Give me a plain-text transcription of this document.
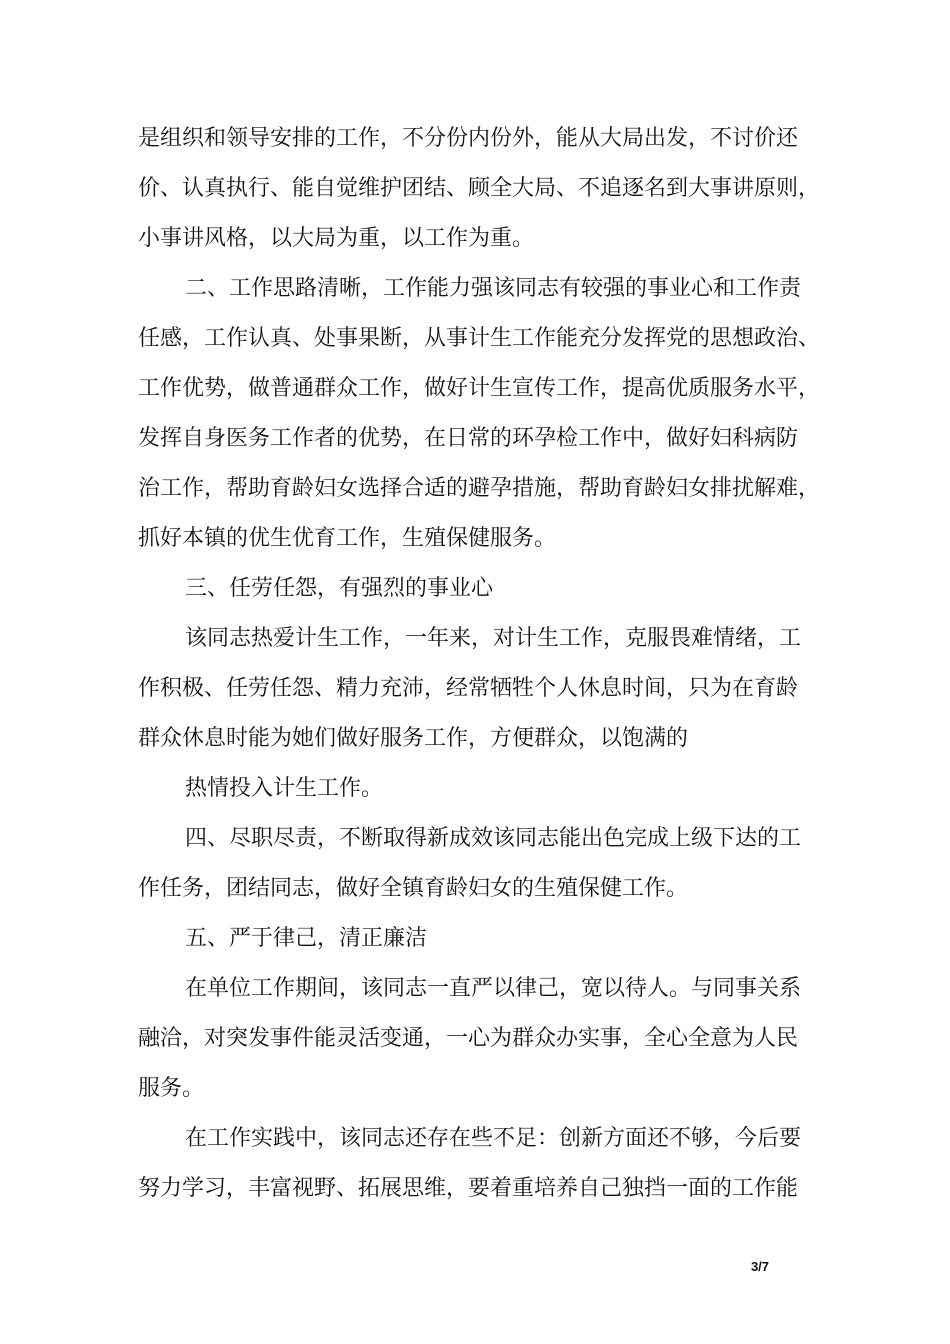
是组织和领导安排的工作，不分份内份外，能从大局出发，不讨价还
价、认真执行、能自觉维护团结、顾全大局、不追逐名到大事讲原则，
小事讲风格，以大局为重，以工作为重。
二、工作思路清晰，工作能力强该同志有较强的事业心和工作责
任感，工作认真、处事果断，从事计生工作能充分发挥党的思想政治、
工作优势，做普通群众工作，做好计生宣传工作，提高优质服务水平，
发挥自身医务工作者的优势，在日常的环孕检工作中，做好妇科病防
治工作，帮助育龄妇女选择合适的避孕措施，帮助育龄妇女排扰解难，
抓好本镇的优生优育工作，生殖保健服务。
三、任劳任怨，有强烈的事业心
该同志热爱计生工作，一年来，对计生工作，克服畏难情绪，工
作积极、任劳任怨、精力充沛，经常牺牲个人休息时间，只为在育龄
群众休息时能为她们做好服务工作，方便群众，以饱满的
热情投入计生工作。
四、尽职尽责，不断取得新成效该同志能出色完成上级下达的工
作任务，团结同志，做好全镇育龄妇女的生殖保健工作。
五、严于律己，清正廉洁
在单位工作期间，该同志一直严以律己，宽以待人。与同事关系
融洽，对突发事件能灵活变通，一心为群众办实事，全心全意为人民
服务。
在工作实践中，该同志还存在些不足：创新方面还不够，今后要
努力学习，丰富视野、拓展思维，要着重培养自己独挡一面的工作能
3/7
